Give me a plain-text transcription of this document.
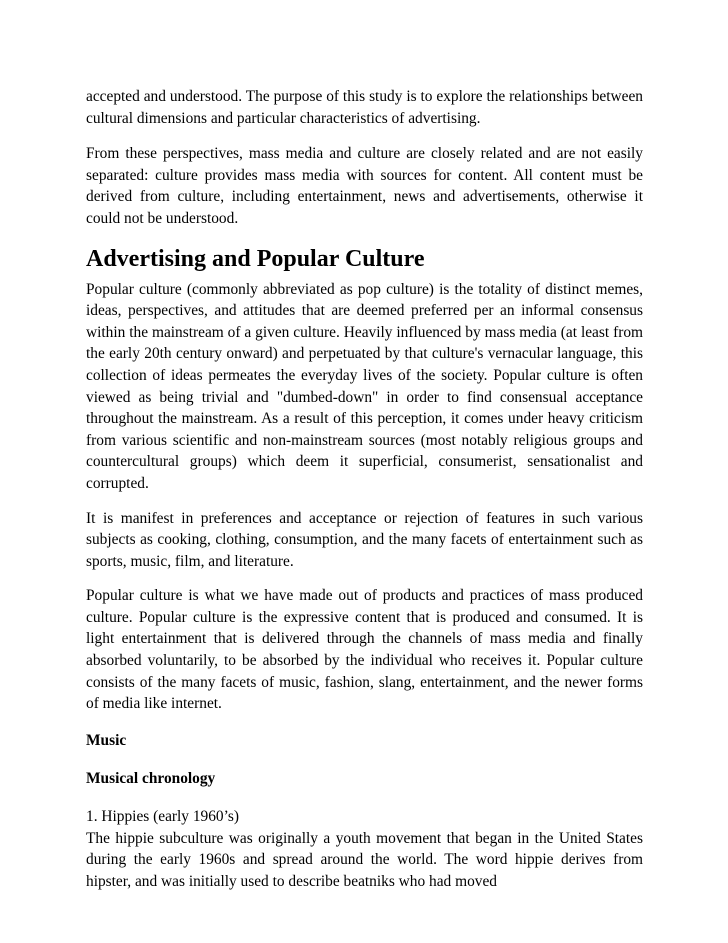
accepted and understood. The purpose of this study is to explore the relationships between cultural dimensions and particular characteristics of advertising.

From these perspectives, mass media and culture are closely related and are not easily separated: culture provides mass media with sources for content. All content must be derived from culture, including entertainment, news and advertisements, otherwise it could not be understood.

Advertising and Popular Culture

Popular culture (commonly abbreviated as pop culture) is the totality of distinct memes, ideas, perspectives, and attitudes that are deemed preferred per an informal consensus within the mainstream of a given culture. Heavily influenced by mass media (at least from the early 20th century onward) and perpetuated by that culture's vernacular language, this collection of ideas permeates the everyday lives of the society. Popular culture is often viewed as being trivial and "dumbed-down" in order to find consensual acceptance throughout the mainstream. As a result of this perception, it comes under heavy criticism from various scientific and non-mainstream sources (most notably religious groups and countercultural groups) which deem it superficial, consumerist, sensationalist and corrupted.

It is manifest in preferences and acceptance or rejection of features in such various subjects as cooking, clothing, consumption, and the many facets of entertainment such as sports, music, film, and literature.

Popular culture is what we have made out of products and practices of mass produced culture. Popular culture is the expressive content that is produced and consumed. It is light entertainment that is delivered through the channels of mass media and finally absorbed voluntarily, to be absorbed by the individual who receives it. Popular culture consists of the many facets of music, fashion, slang, entertainment, and the newer forms of media like internet.

Music

Musical chronology

1. Hippies (early 1960’s)

The hippie subculture was originally a youth movement that began in the United States during the early 1960s and spread around the world. The word hippie derives from hipster, and was initially used to describe beatniks who had moved
